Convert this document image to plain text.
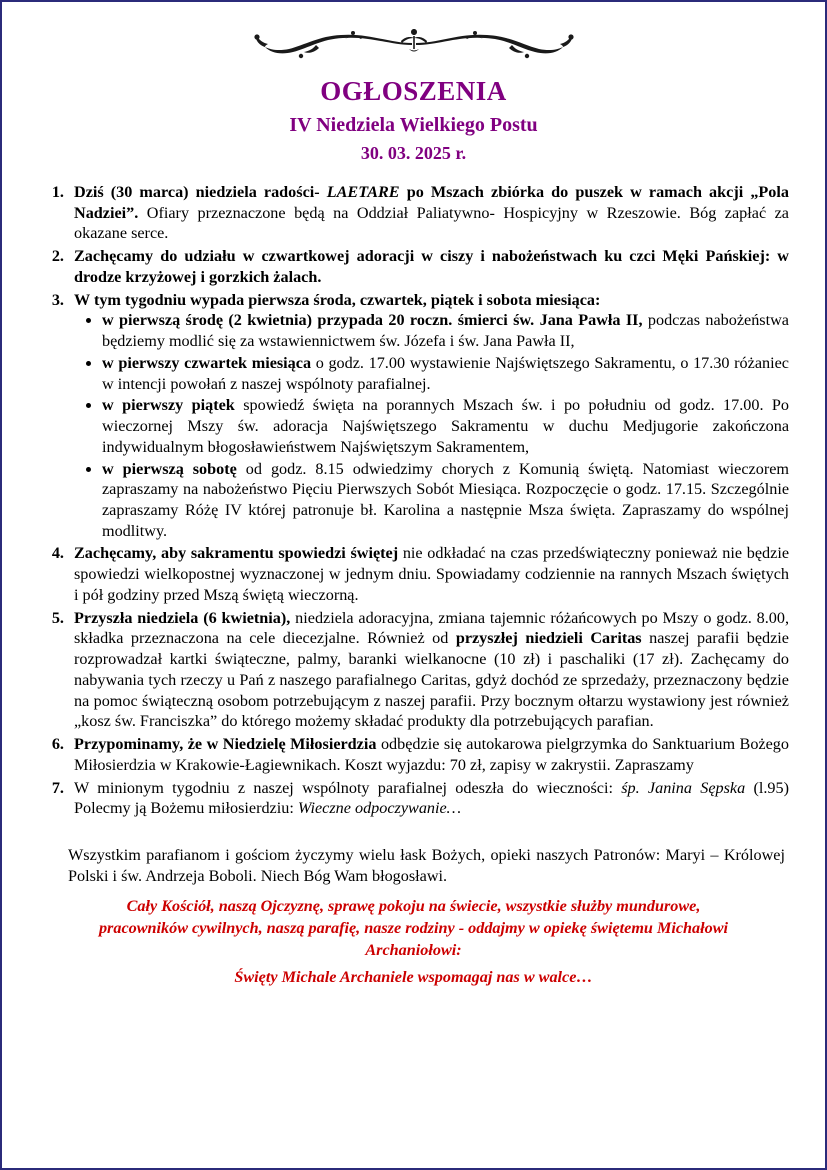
OGŁOSZENIA
IV Niedziela Wielkiego Postu
30. 03. 2025 r.
1. Dziś (30 marca) niedziela radości- LAETARE po Mszach zbiórka do puszek w ramach akcji „Pola Nadziei”. Ofiary przeznaczone będą na Oddział Paliatywno- Hospicyjny w Rzeszowie. Bóg zapłać za okazane serce.
2. Zachęcamy do udziału w czwartkowej adoracji w ciszy i nabożeństwach ku czci Męki Pańskiej: w drodze krzyżowej i gorzkich żalach.
3. W tym tygodniu wypada pierwsza środa, czwartek, piątek i sobota miesiąca:
• w pierwszą środę (2 kwietnia) przypada 20 roczn. śmierci św. Jana Pawła II, podczas nabożeństwa będziemy modlić się za wstawiennictwem św. Józefa i św. Jana Pawła II,
• w pierwszy czwartek miesiąca o godz. 17.00 wystawienie Najświętszego Sakramentu, o 17.30 różaniec w intencji powołań z naszej wspólnoty parafialnej.
• w pierwszy piątek spowiedź święta na porannych Mszach św. i po południu od godz. 17.00. Po wieczornej Mszy św. adoracja Najświętszego Sakramentu w duchu Medjugorie zakończona indywidualnym błogosławieństwem Najświętszym Sakramentem,
• w pierwszą sobotę od godz. 8.15 odwiedzimy chorych z Komunią świętą. Natomiast wieczorem zapraszamy na nabożeństwo Pięciu Pierwszych Sobót Miesiąca. Rozpoczęcie o godz. 17.15. Szczególnie zapraszamy Różę IV której patronuje bł. Karolina a następnie Msza święta. Zapraszamy do wspólnej modlitwy.
4. Zachęcamy, aby sakramentu spowiedzi świętej nie odkładać na czas przedświąteczny ponieważ nie będzie spowiedzi wielkopostnej wyznaczonej w jednym dniu. Spowiadamy codziennie na rannych Mszach świętych i pół godziny przed Mszą świętą wieczorną.
5. Przyszła niedziela (6 kwietnia), niedziela adoracyjna, zmiana tajemnic różańcowych po Mszy o godz. 8.00, składka przeznaczona na cele diecezjalne. Również od przyszłej niedzieli Caritas naszej parafii będzie rozprowadzał kartki świąteczne, palmy, baranki wielkanocne (10 zł) i paschaliki (17 zł). Zachęcamy do nabywania tych rzeczy u Pań z naszego parafialnego Caritas, gdyż dochód ze sprzedaży, przeznaczony będzie na pomoc świąteczną osobom potrzebującym z naszej parafii. Przy bocznym ołtarzu wystawiony jest również „kosz św. Franciszka” do którego możemy składać produkty dla potrzebujących parafian.
6. Przypominamy, że w Niedzielę Miłosierdzia odbędzie się autokarowa pielgrzymka do Sanktuarium Bożego Miłosierdzia w Krakowie-Łagiewnikach. Koszt wyjazdu: 70 zł, zapisy w zakrystii. Zapraszamy
7. W minionym tygodniu z naszej wspólnoty parafialnej odeszła do wieczności: śp. Janina Sępska (l.95) Polecmy ją Bożemu miłosierdziu: Wieczne odpoczywanie…
Wszystkim parafianom i gościom życzymy wielu łask Bożych, opieki naszych Patronów: Maryi – Królowej Polski i św. Andrzeja Boboli. Niech Bóg Wam błogosławi.
Cały Kościół, naszą Ojczyznę, sprawę pokoju na świecie, wszystkie służby mundurowe,
pracowników cywilnych, naszą parafię, nasze rodziny - oddajmy w opiekę świętemu Michałowi
Archaniołowi:
Święty Michale Archaniele wspomagaj nas w walce…
